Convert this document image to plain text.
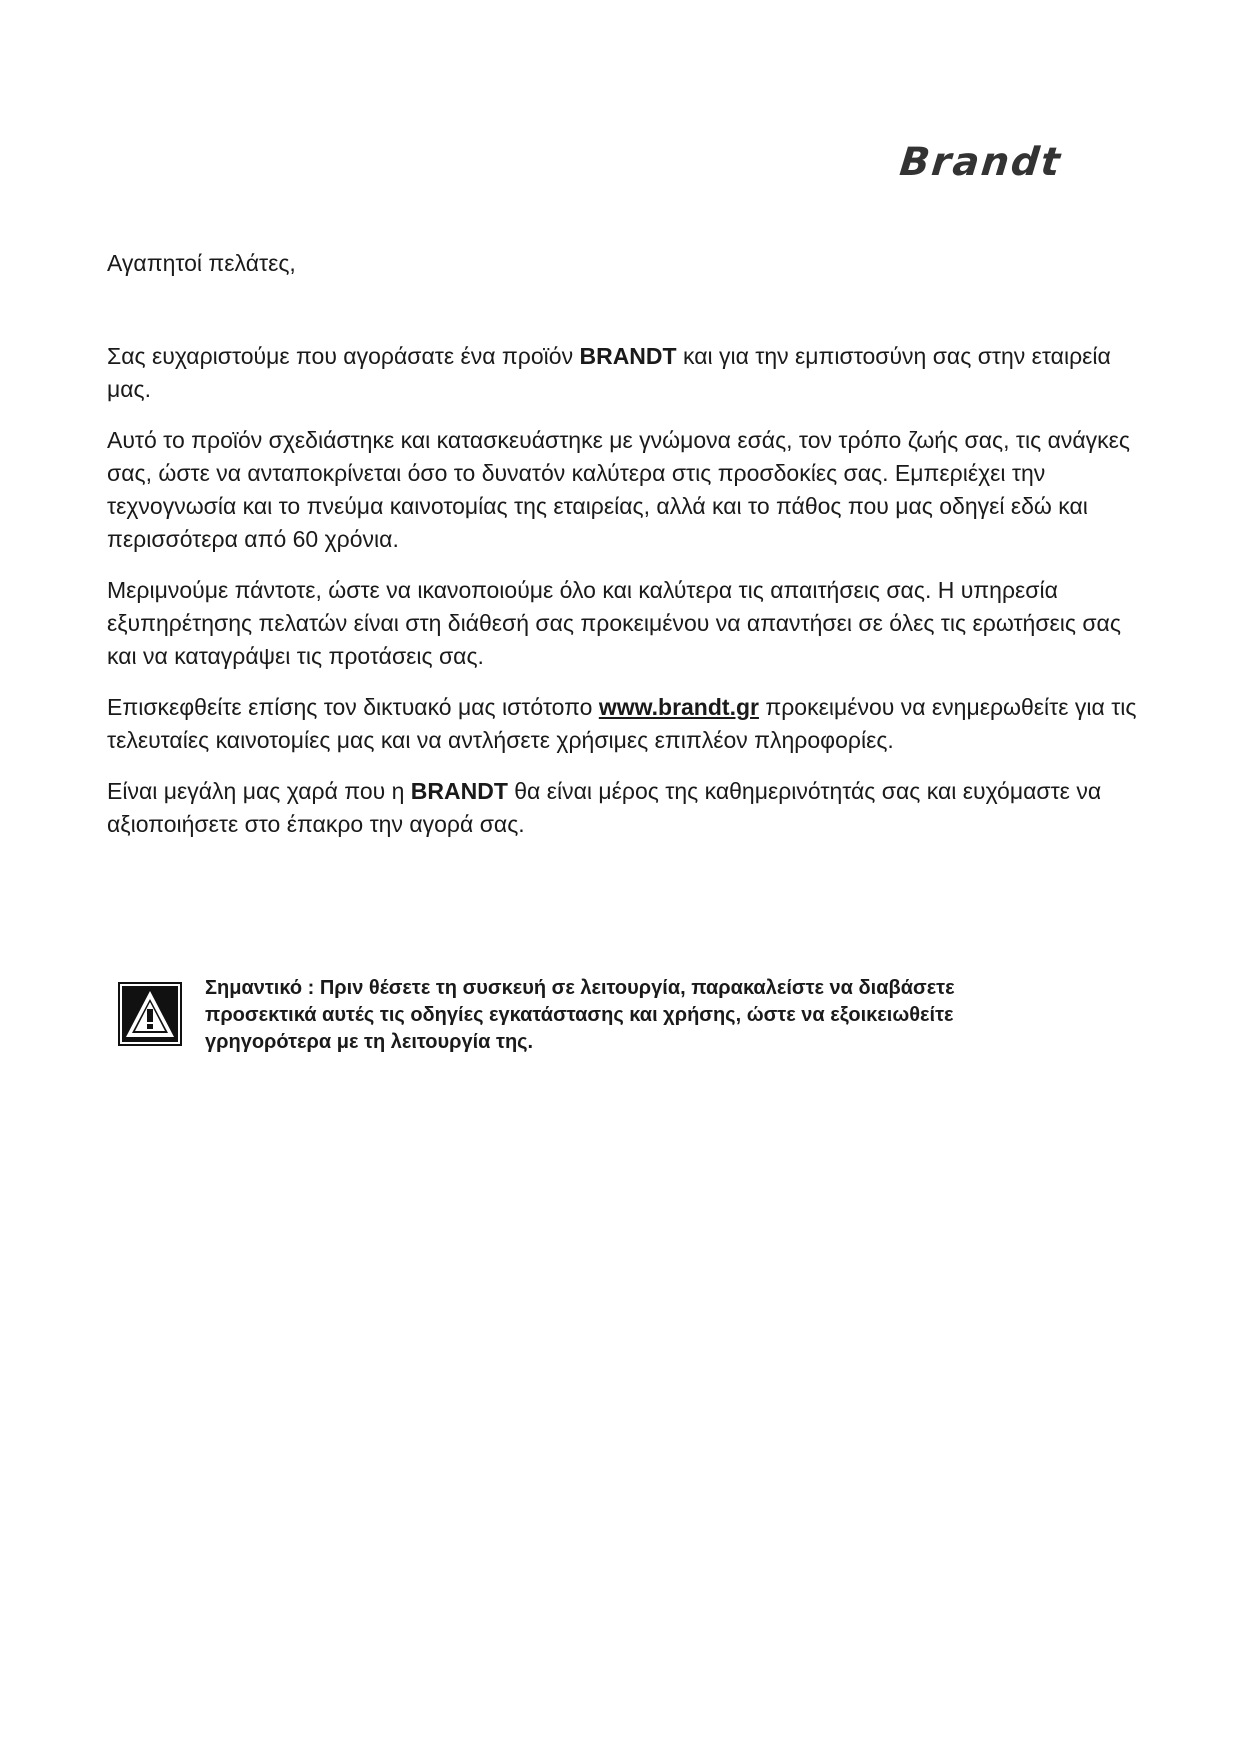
Brandt

Αγαπητοί πελάτες,

Σας ευχαριστούμε που αγοράσατε ένα προϊόν BRANDT και για την εμπιστοσύνη σας στην εταιρεία μας.

Αυτό το προϊόν σχεδιάστηκε και κατασκευάστηκε με γνώμονα εσάς, τον τρόπο ζωής σας, τις ανάγκες σας, ώστε να ανταποκρίνεται όσο το δυνατόν καλύτερα στις προσδοκίες σας. Εμπεριέχει την τεχνογνωσία και το πνεύμα καινοτομίας της εταιρείας, αλλά και το πάθος που μας οδηγεί εδώ και περισσότερα από 60 χρόνια.

Μεριμνούμε πάντοτε, ώστε να ικανοποιούμε όλο και καλύτερα τις απαιτήσεις σας. Η υπηρεσία εξυπηρέτησης πελατών είναι στη διάθεσή σας προκειμένου να απαντήσει σε όλες τις ερωτήσεις σας και να καταγράψει τις προτάσεις σας.

Επισκεφθείτε επίσης τον δικτυακό μας ιστότοπο www.brandt.gr προκειμένου να ενημερωθείτε για τις τελευταίες καινοτομίες μας και να αντλήσετε χρήσιμες επιπλέον πληροφορίες.

Είναι μεγάλη μας χαρά που η BRANDT θα είναι μέρος της καθημερινότητάς σας και ευχόμαστε να αξιοποιήσετε στο έπακρο την αγορά σας.

Σημαντικό : Πριν θέσετε τη συσκευή σε λειτουργία, παρακαλείστε να διαβάσετε προσεκτικά αυτές τις οδηγίες εγκατάστασης και χρήσης, ώστε να εξοικειωθείτε γρηγορότερα με τη λειτουργία της.
